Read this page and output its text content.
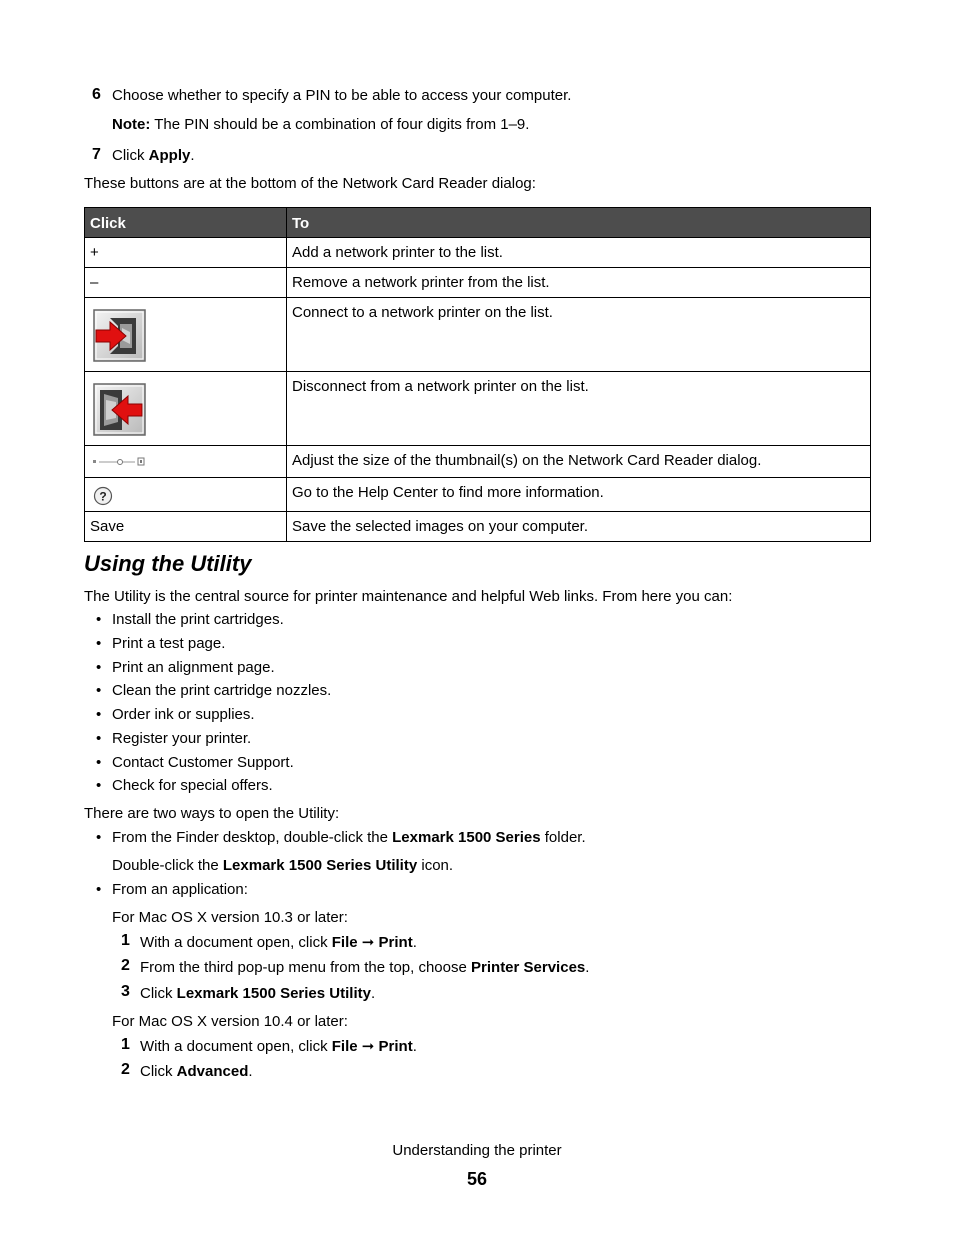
6 Choose whether to specify a PIN to be able to access your computer.
Note: The PIN should be a combination of four digits from 1–9.
7 Click Apply.
These buttons are at the bottom of the Network Card Reader dialog:
Click	To
+	Add a network printer to the list.
–	Remove a network printer from the list.

	Connect to a network printer on the list.

	Disconnect from a network printer on the list.

	Adjust the size of the thumbnail(s) on the Network Card Reader dialog.

?	Go to the Help Center to find more information.
Save	Save the selected images on your computer.
Using the Utility
The Utility is the central source for printer maintenance and helpful Web links. From here you can:
• Install the print cartridges.
• Print a test page.
• Print an alignment page.
• Clean the print cartridge nozzles.
• Order ink or supplies.
• Register your printer.
• Contact Customer Support.
• Check for special offers.
There are two ways to open the Utility:
• From the Finder desktop, double-click the Lexmark 1500 Series folder.
Double-click the Lexmark 1500 Series Utility icon.
• From an application:
For Mac OS X version 10.3 or later:
1 With a document open, click File ➞ Print.
2 From the third pop-up menu from the top, choose Printer Services.
3 Click Lexmark 1500 Series Utility.
For Mac OS X version 10.4 or later:
1 With a document open, click File ➞ Print.
2 Click Advanced.
Understanding the printer
56
